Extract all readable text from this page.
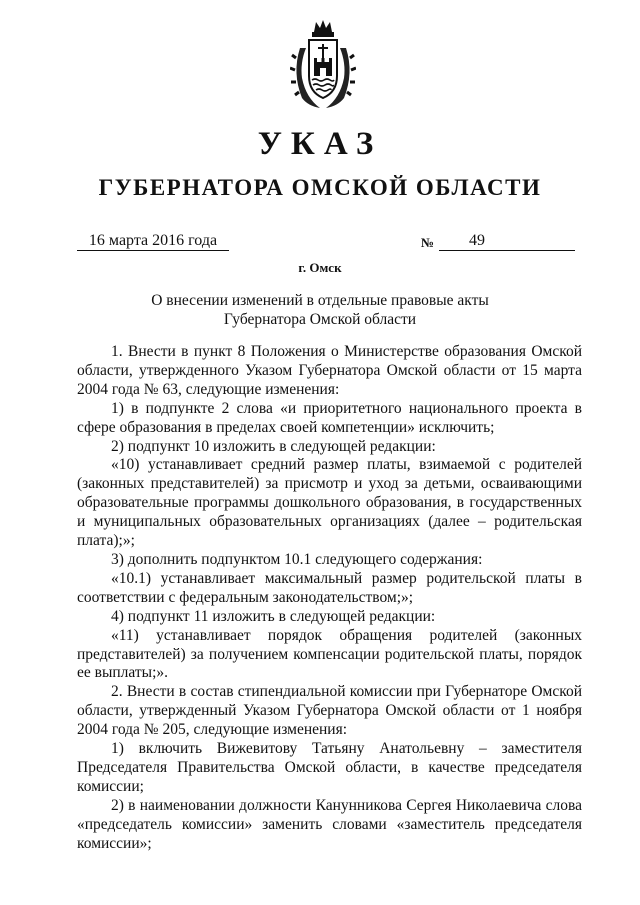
УКАЗ
ГУБЕРНАТОРА ОМСКОЙ ОБЛАСТИ
16 марта 2016 года	№	49
г. Омск
О внесении изменений в отдельные правовые акты
Губернатора Омской области

1. Внести в пункт 8 Положения о Министерстве образования Омской области, утвержденного Указом Губернатора Омской области от 15 марта 2004 года № 63, следующие изменения:

1) в подпункте 2 слова «и приоритетного национального проекта в сфере образования в пределах своей компетенции» исключить;

2) подпункт 10 изложить в следующей редакции:

«10) устанавливает средний размер платы, взимаемой с родителей (законных представителей) за присмотр и уход за детьми, осваивающими образовательные программы дошкольного образования, в государственных и муниципальных образовательных организациях (далее – родительская плата);»;

3) дополнить подпунктом 10.1 следующего содержания:

«10.1) устанавливает максимальный размер родительской платы в соответствии с федеральным законодательством;»;

4) подпункт 11 изложить в следующей редакции:

«11) устанавливает порядок обращения родителей (законных представителей) за получением компенсации родительской платы, порядок ее выплаты;».

2. Внести в состав стипендиальной комиссии при Губернаторе Омской области, утвержденный Указом Губернатора Омской области от 1 ноября 2004 года № 205, следующие изменения:

1) включить Вижевитову Татьяну Анатольевну – заместителя Председателя Правительства Омской области, в качестве председателя комиссии;

2) в наименовании должности Канунникова Сергея Николаевича слова «председатель комиссии» заменить словами «заместитель председателя комиссии»;
